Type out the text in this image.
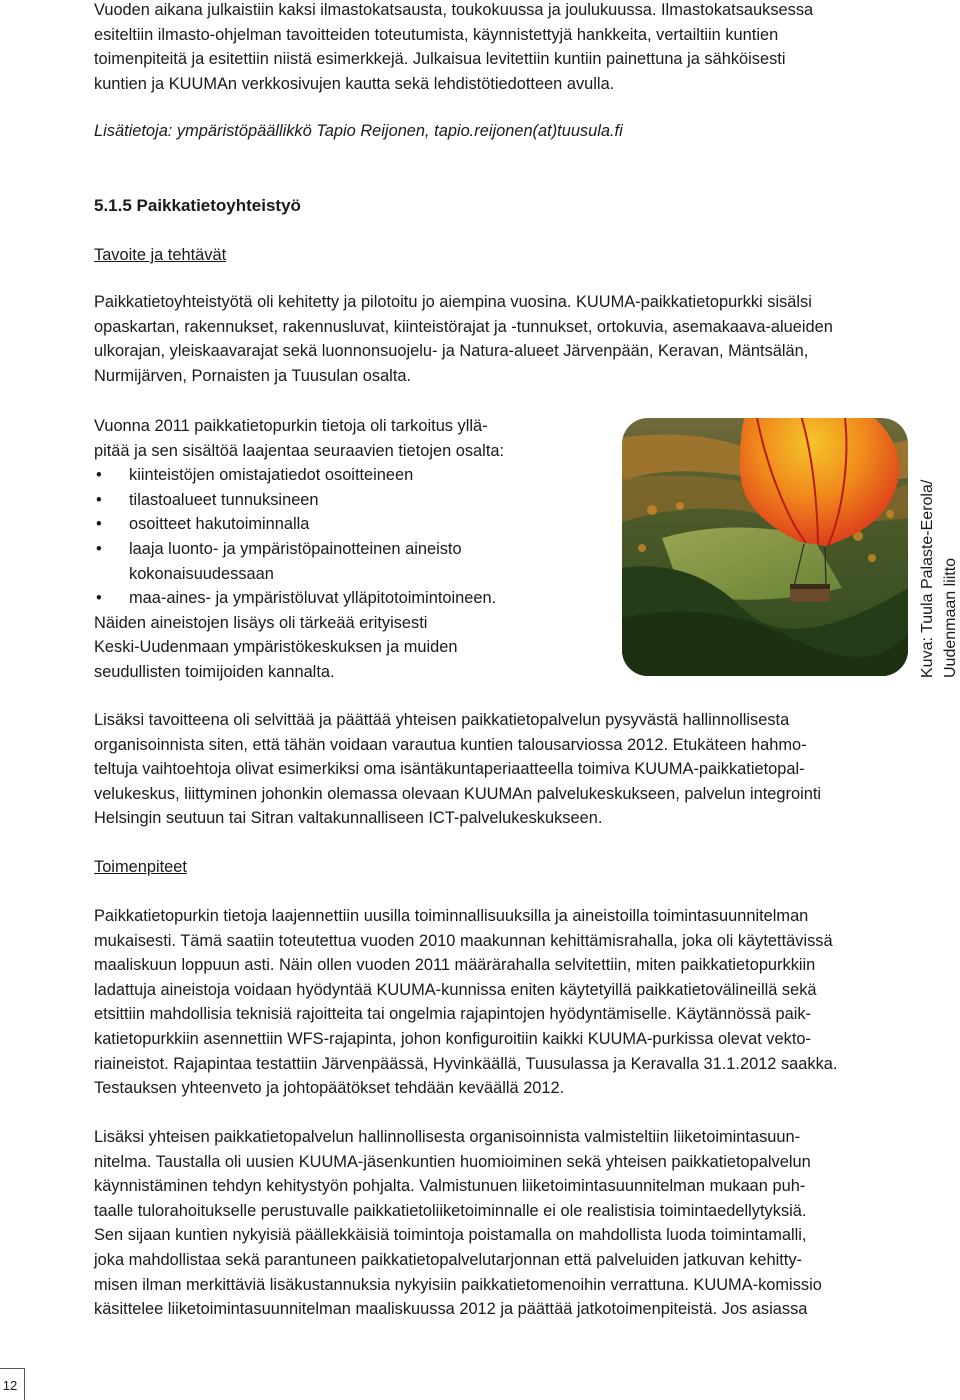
Vuoden aikana julkaistiin kaksi ilmastokatsausta, toukokuussa ja joulukuussa. Ilmastokatsauksessa

esiteltiin ilmasto-ohjelman tavoitteiden toteutumista, käynnistettyjä hankkeita, vertailtiin kuntien

toimenpiteitä ja esitettiin niistä esimerkkejä. Julkaisua levitettiin kuntiin painettuna ja sähköisesti

kuntien ja KUUMAn verkkosivujen kautta sekä lehdistötiedotteen avulla.

Lisätietoja: ympäristöpäällikkö Tapio Reijonen, tapio.reijonen(at)tuusula.fi

5.1.5 Paikkatietoyhteistyö

Tavoite ja tehtävät

Paikkatietoyhteistyötä oli kehitetty ja pilotoitu jo aiempina vuosina. KUUMA-paikkatietopurkki sisälsi

opaskartan, rakennukset, rakennusluvat, kiinteistörajat ja -tunnukset, ortokuvia, asemakaava-alueiden

ulkorajan, yleiskaavarajat sekä luonnonsuojelu- ja Natura-alueet Järvenpään, Keravan, Mäntsälän,

Nurmijärven, Pornaisten ja Tuusulan osalta.

Vuonna 2011 paikkatietopurkin tietoja oli tarkoitus yllä-

pitää ja sen sisältöä laajentaa seuraavien tietojen osalta:

• kiinteistöjen omistajatiedot osoitteineen
• tilastoalueet tunnuksineen
• osoitteet hakutoiminnalla
• laaja luonto- ja ympäristöpainotteinen aineisto
kokonaisuudessaan
• maa-aines- ja ympäristöluvat ylläpitotoimintoineen.

Näiden aineistojen lisäys oli tärkeää erityisesti

Keski-Uudenmaan ympäristökeskuksen ja muiden

seudullisten toimijoiden kannalta.

Lisäksi tavoitteena oli selvittää ja päättää yhteisen paikkatietopalvelun pysyvästä hallinnollisesta

organisoinnista siten, että tähän voidaan varautua kuntien talousarviossa 2012. Etukäteen hahmo-

teltuja vaihtoehtoja olivat esimerkiksi oma isäntäkuntaperiaatteella toimiva KUUMA-paikkatietopal-

velukeskus, liittyminen johonkin olemassa olevaan KUUMAn palvelukeskukseen, palvelun integrointi

Helsingin seutuun tai Sitran valtakunnalliseen ICT-palvelukeskukseen.

Toimenpiteet

Paikkatietopurkin tietoja laajennettiin uusilla toiminnallisuuksilla ja aineistoilla toimintasuunnitelman

mukaisesti. Tämä saatiin toteutettua vuoden 2010 maakunnan kehittämisrahalla, joka oli käytettävissä

maaliskuun loppuun asti. Näin ollen vuoden 2011 määrärahalla selvitettiin, miten paikkatietopurkkiin

ladattuja aineistoja voidaan hyödyntää KUUMA-kunnissa eniten käytetyillä paikkatietovälineillä sekä

etsittiin mahdollisia teknisiä rajoitteita tai ongelmia rajapintojen hyödyntämiselle. Käytännössä paik-

katietopurkkiin asennettiin WFS-rajapinta, johon konfiguroitiin kaikki KUUMA-purkissa olevat vekto-

riaineistot. Rajapintaa testattiin Järvenpäässä, Hyvinkäällä, Tuusulassa ja Keravalla 31.1.2012 saakka.

Testauksen yhteenveto ja johtopäätökset tehdään keväällä 2012.

Lisäksi yhteisen paikkatietopalvelun hallinnollisesta organisoinnista valmisteltiin liiketoimintasuun-

nitelma. Taustalla oli uusien KUUMA-jäsenkuntien huomioiminen sekä yhteisen paikkatietopalvelun

käynnistäminen tehdyn kehitystyön pohjalta. Valmistunuen liiketoimintasuunnitelman mukaan puh-

taalle tulorahoitukselle perustuvalle paikkatietoliiketoiminnalle ei ole realistisia toimintaedellytyksiä.

Sen sijaan kuntien nykyisiä päällekkäisiä toimintoja poistamalla on mahdollista luoda toimintamalli,

joka mahdollistaa sekä parantuneen paikkatietopalvelutarjonnan että palveluiden jatkuvan kehitty-

misen ilman merkittäviä lisäkustannuksia nykyisiin paikkatietomenoihin verrattuna. KUUMA-komissio

käsittelee liiketoimintasuunnitelman maaliskuussa 2012 ja päättää jatkotoimenpiteistä. Jos asiassa

Kuva: Tuula Palaste-Eerola/ Uudenmaan liitto
12
